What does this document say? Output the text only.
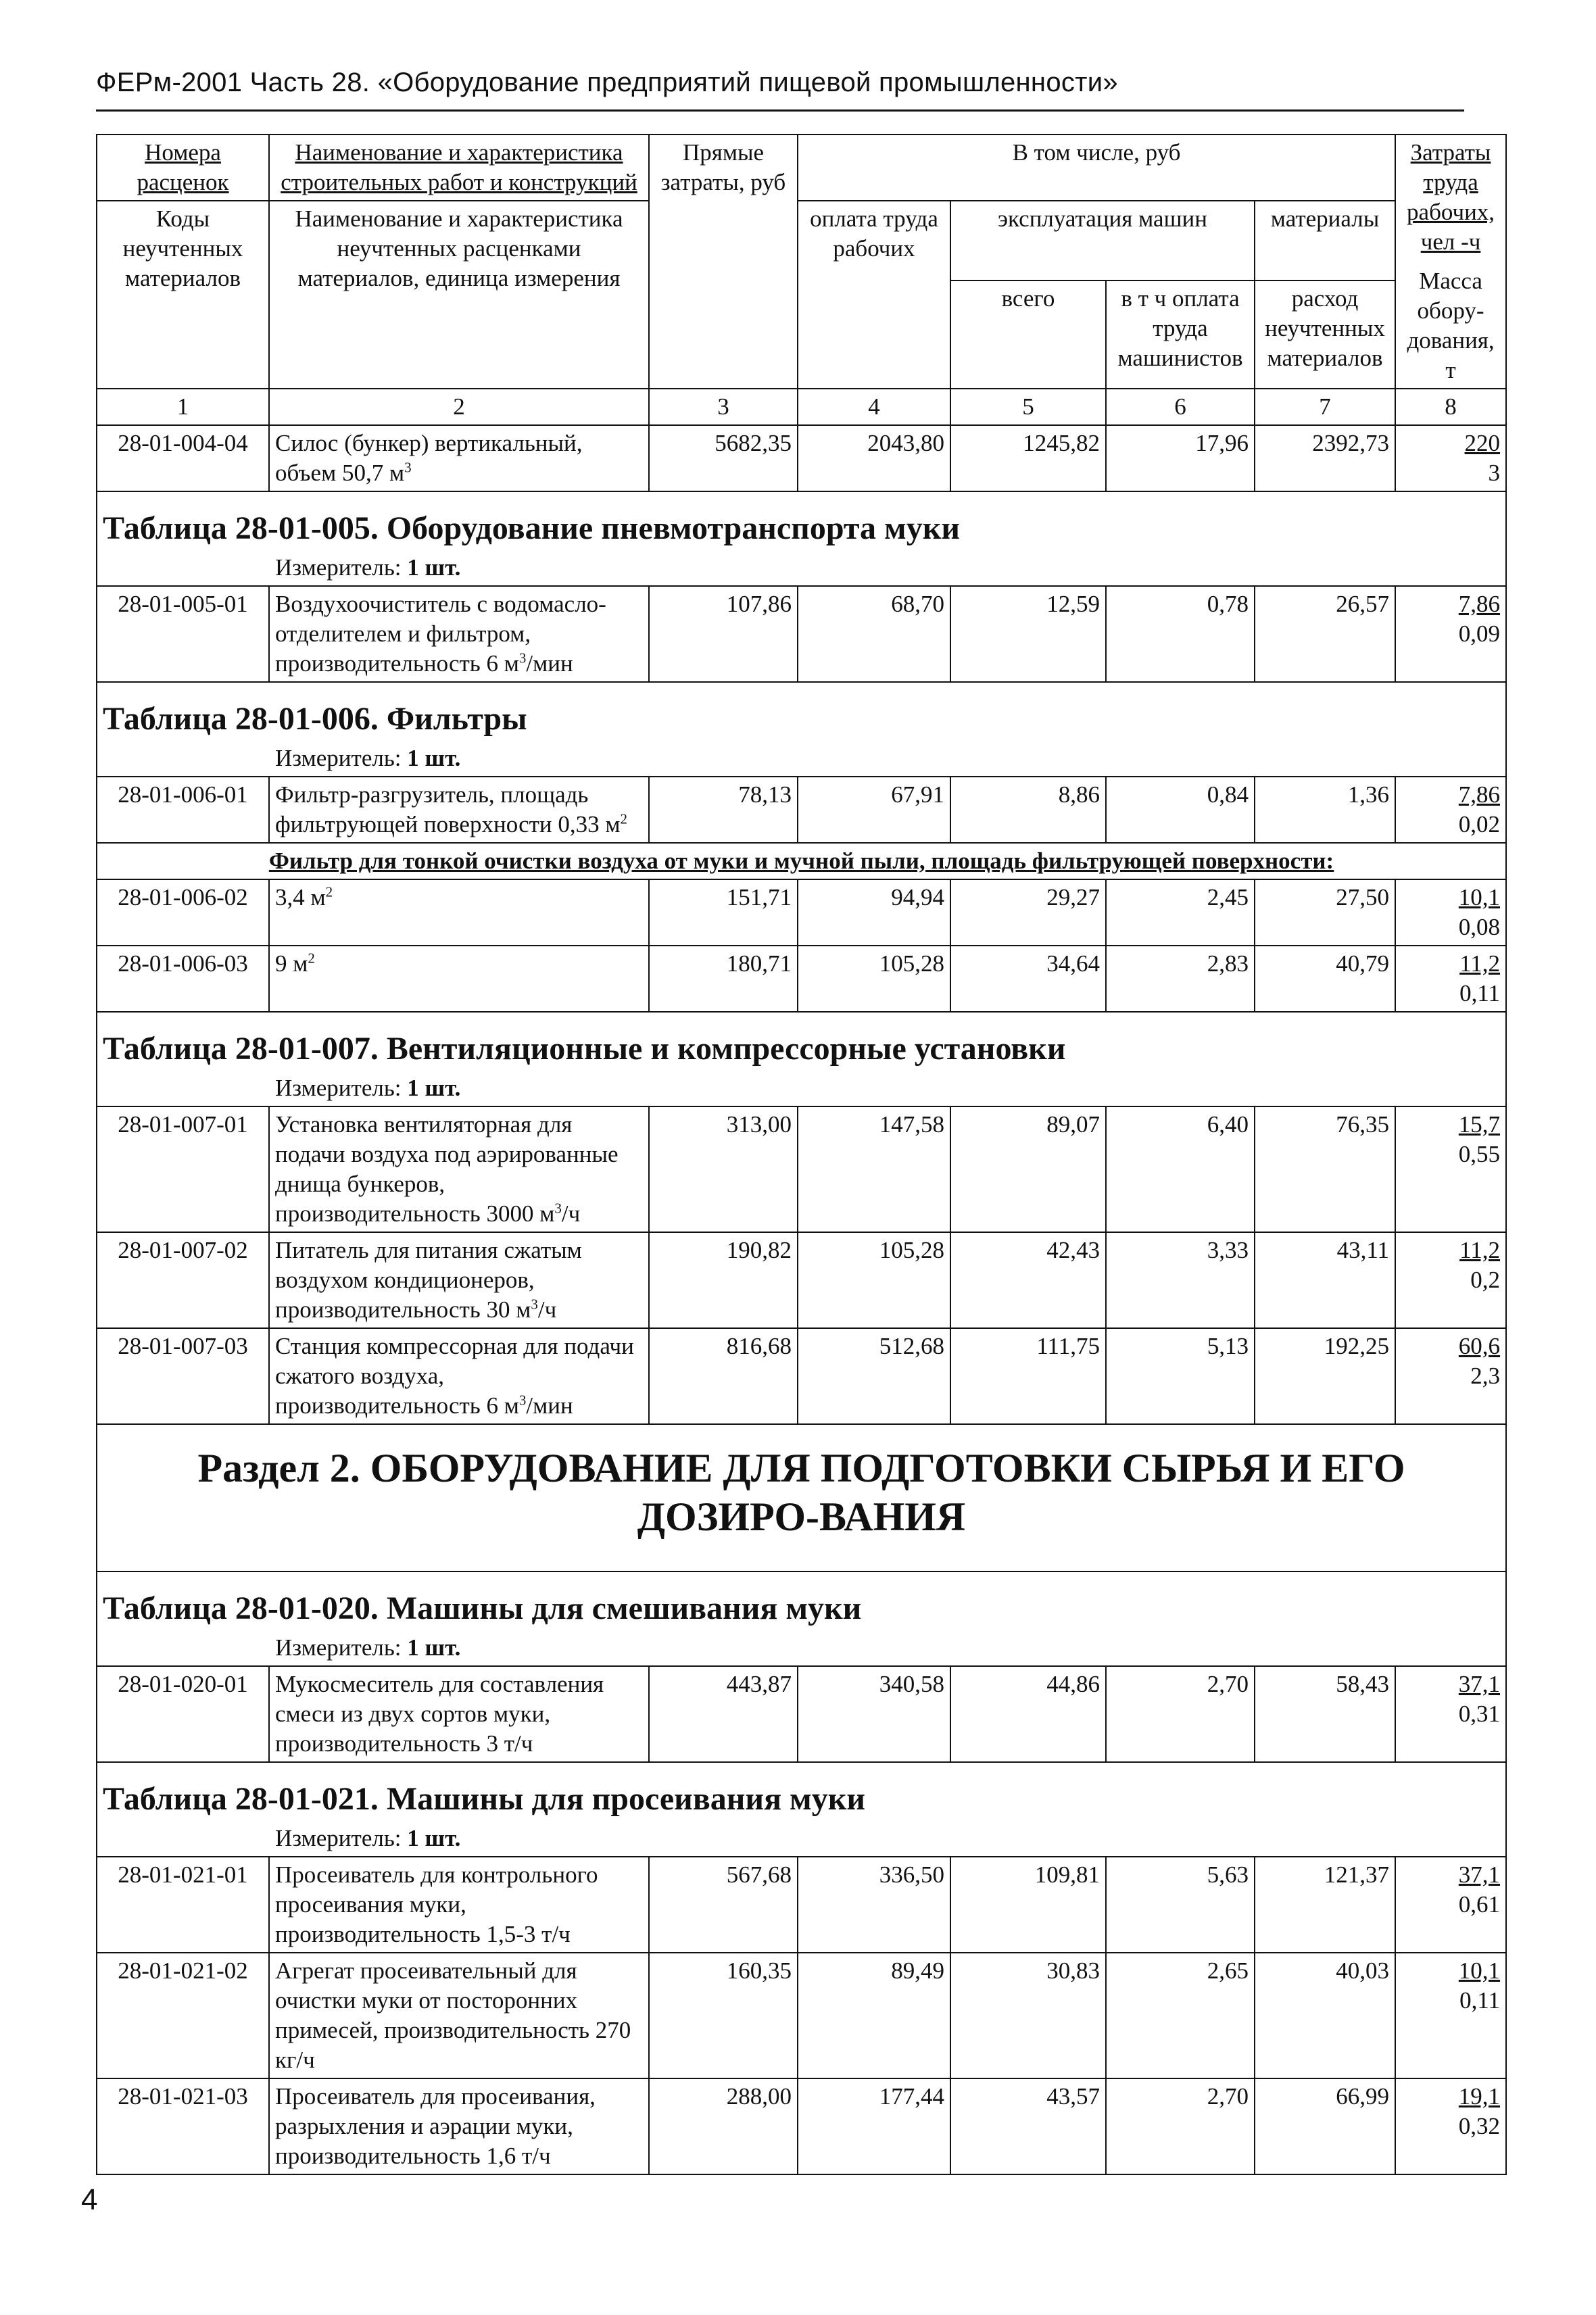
ФЕРм-2001 Часть 28. «Оборудование предприятий пищевой промышленности»
Номера расценок	Наименование и характеристика строительных работ и конструкций	Прямые затраты, руб	В том числе, руб				Затраты труда рабочих, чел -ч
Масса обору-дования, т

Коды неучтенных материалов	Наименование и характеристика неучтенных расценками материалов, единица измерения		оплата труда рабочих	эксплуатация машин		материалы	
				всего	в т ч оплата труда машинистов	расход неучтенных материалов	
1	2	3	4	5	6	7	8
28-01-004-04	Силос (бункер) вертикальный, объем 50,7 $м^3$	5682,35	2043,80	1245,82	17,96	2392,73	220
3

Таблица 28-01-005. Оборудование пневмотранспорта муки
Измеритель: 1 шт.							

28-01-005-01	Воздухоочиститель с водомасло-отделителем и фильтром, производительность 6 $м^3$/мин	107,86	68,70	12,59	0,78	26,57	7,86
0,09

Таблица 28-01-006. Фильтры
Измеритель: 1 шт.							

28-01-006-01	Фильтр-разгрузитель, площадь фильтрующей поверхности 0,33 $м^2$	78,13	67,91	8,86	0,84	1,36	7,86
0,02

Фильтр для тонкой очистки воздуха от муки и мучной пыли, площадь фильтрующей поверхности:							
28-01-006-02	3,4 $м^2$	151,71	94,94	29,27	2,45	27,50	10,1
0,08

28-01-006-03	9 $м^2$	180,71	105,28	34,64	2,83	40,79	11,2
0,11

Таблица 28-01-007. Вентиляционные и компрессорные установки
Измеритель: 1 шт.							

28-01-007-01	Установка вентиляторная для подачи воздуха под аэрированные днища бункеров, производительность 3000 $м^3/ч$	313,00	147,58	89,07	6,40	76,35	15,7
0,55

28-01-007-02	Питатель для питания сжатым воздухом кондиционеров, производительность 30 $м^3/ч$	190,82	105,28	42,43	3,33	43,11	11,2
0,2

28-01-007-03	Станция компрессорная для подачи сжатого воздуха, производительность 6 $м^3$/мин	816,68	512,68	111,75	5,13	192,25	60,6
2,3

Раздел 2. ОБОРУДОВАНИЕ ДЛЯ ПОДГОТОВКИ СЫРЬЯ И ЕГО ДОЗИРО-ВАНИЯ							

Таблица 28-01-020. Машины для смешивания муки
Измеритель: 1 шт.							

28-01-020-01	Мукосмеситель для составления смеси из двух сортов муки, производительность 3 т/ч	443,87	340,58	44,86	2,70	58,43	37,1
0,31

Таблица 28-01-021. Машины для просеивания муки
Измеритель: 1 шт.							

28-01-021-01	Просеиватель для контрольного просеивания муки, производительность 1,5-3 т/ч	567,68	336,50	109,81	5,63	121,37	37,1
0,61

28-01-021-02	Агрегат просеивательный для очистки муки от посторонних примесей, производительность 270 кг/ч	160,35	89,49	30,83	2,65	40,03	10,1
0,11

28-01-021-03	Просеиватель для просеивания, разрыхления и аэрации муки, производительность 1,6 т/ч	288,00	177,44	43,57	2,70	66,99	19,1
0,32
4
